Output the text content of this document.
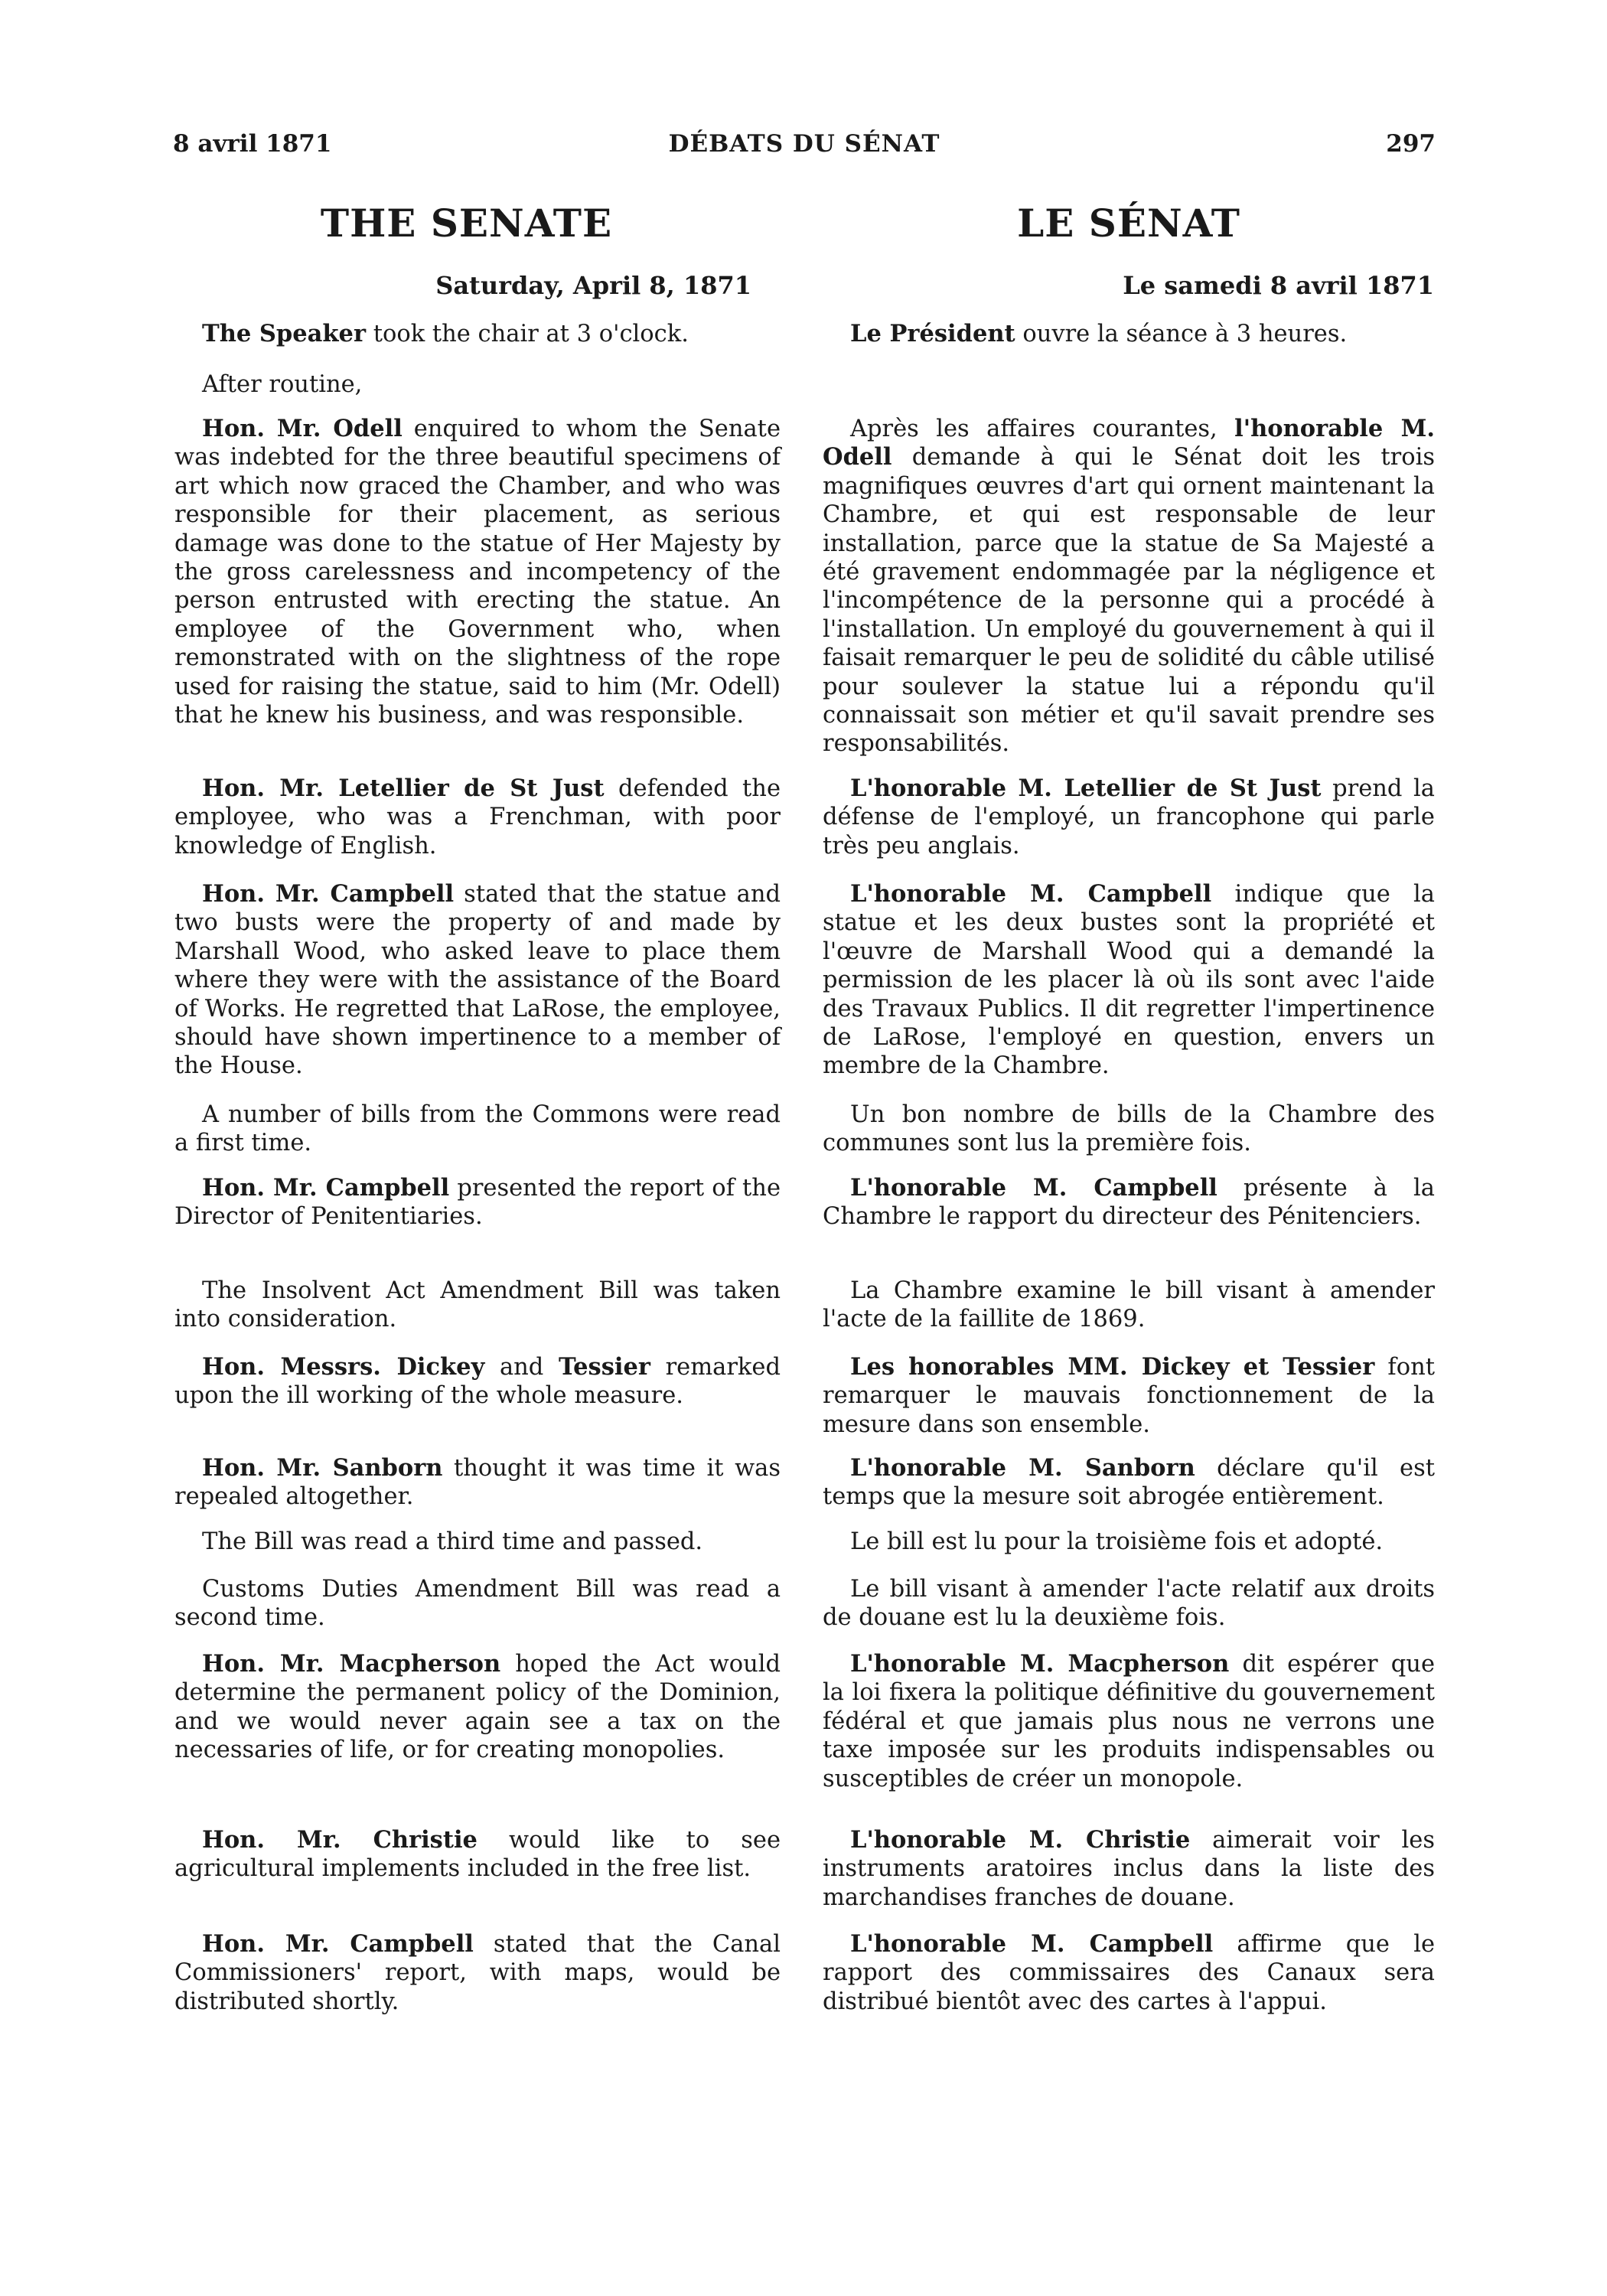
8 avril 1871	DÉBATS DU SÉNAT	297
THE SENATE	LE SÉNAT
Saturday, April 8, 1871	Le samedi 8 avril 1871

The Speaker took the chair at 3 o'clock.

After routine,

Hon. Mr. Odell enquired to whom the Senate was indebted for the three beautiful specimens of art which now graced the Chamber, and who was responsible for their placement, as serious damage was done to the statue of Her Majesty by the gross carelessness and incompetency of the person entrusted with erecting the statue. An employee of the Government who, when remonstrated with on the slightness of the rope used for raising the statue, said to him (Mr. Odell) that he knew his business, and was responsible.

Hon. Mr. Letellier de St Just defended the employee, who was a Frenchman, with poor knowledge of English.

Hon. Mr. Campbell stated that the statue and two busts were the property of and made by Marshall Wood, who asked leave to place them where they were with the assistance of the Board of Works. He regretted that LaRose, the employee, should have shown impertinence to a member of the House.

A number of bills from the Commons were read a first time.

Hon. Mr. Campbell presented the report of the Director of Penitentiaries.

The Insolvent Act Amendment Bill was taken into consideration.

Hon. Messrs. Dickey and Tessier remarked upon the ill working of the whole measure.

Hon. Mr. Sanborn thought it was time it was repealed altogether.

The Bill was read a third time and passed.

Customs Duties Amendment Bill was read a second time.

Hon. Mr. Macpherson hoped the Act would determine the permanent policy of the Dominion, and we would never again see a tax on the necessaries of life, or for creating monopolies.

Hon. Mr. Christie would like to see agricultural implements included in the free list.

Hon. Mr. Campbell stated that the Canal Commissioners' report, with maps, would be distributed shortly.

Le Président ouvre la séance à 3 heures.

Après les affaires courantes, l'honorable M. Odell demande à qui le Sénat doit les trois magnifiques œuvres d'art qui ornent maintenant la Chambre, et qui est responsable de leur installation, parce que la statue de Sa Majesté a été gravement endommagée par la négligence et l'incompétence de la personne qui a procédé à l'installation. Un employé du gouvernement à qui il faisait remarquer le peu de solidité du câble utilisé pour soulever la statue lui a répondu qu'il connaissait son métier et qu'il savait prendre ses responsabilités.

L'honorable M. Letellier de St Just prend la défense de l'employé, un francophone qui parle très peu anglais.

L'honorable M. Campbell indique que la statue et les deux bustes sont la propriété et l'œuvre de Marshall Wood qui a demandé la permission de les placer là où ils sont avec l'aide des Travaux Publics. Il dit regretter l'impertinence de LaRose, l'employé en question, envers un membre de la Chambre.

Un bon nombre de bills de la Chambre des communes sont lus la première fois.

L'honorable M. Campbell présente à la Chambre le rapport du directeur des Pénitenciers.

La Chambre examine le bill visant à amender l'acte de la faillite de 1869.

Les honorables MM. Dickey et Tessier font remarquer le mauvais fonctionnement de la mesure dans son ensemble.

L'honorable M. Sanborn déclare qu'il est temps que la mesure soit abrogée entièrement.

Le bill est lu pour la troisième fois et adopté.

Le bill visant à amender l'acte relatif aux droits de douane est lu la deuxième fois.

L'honorable M. Macpherson dit espérer que la loi fixera la politique définitive du gouvernement fédéral et que jamais plus nous ne verrons une taxe imposée sur les produits indispensables ou susceptibles de créer un monopole.

L'honorable M. Christie aimerait voir les instruments aratoires inclus dans la liste des marchandises franches de douane.

L'honorable M. Campbell affirme que le rapport des commissaires des Canaux sera distribué bientôt avec des cartes à l'appui.
